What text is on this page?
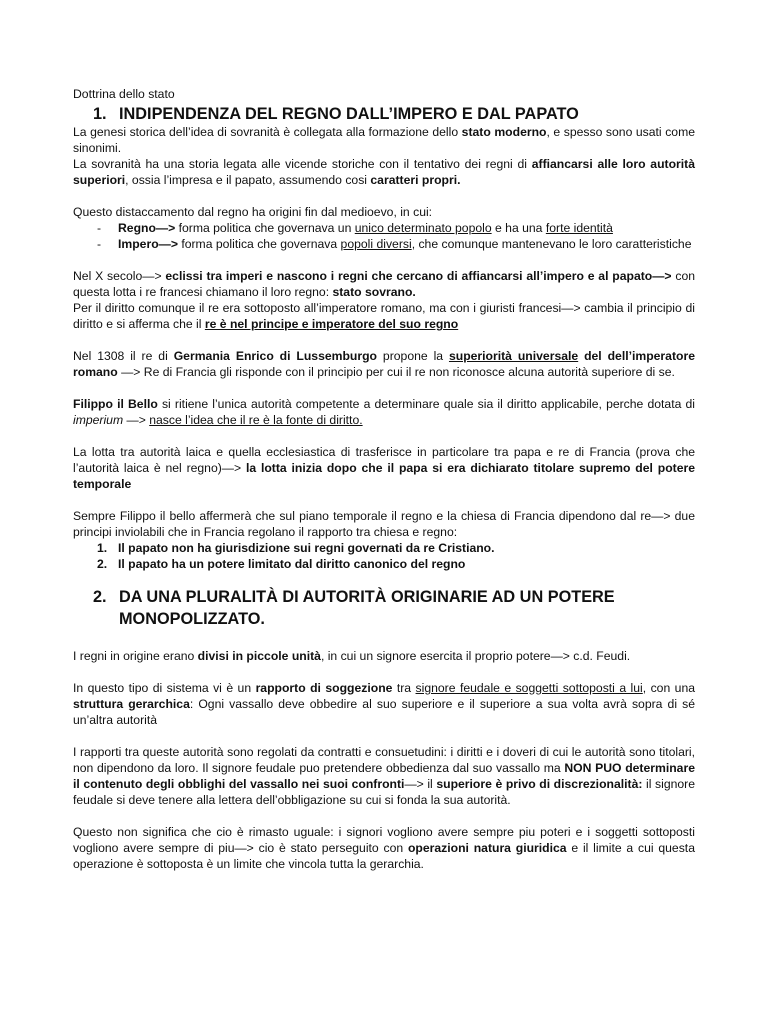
Dottrina dello stato
1. INDIPENDENZA DEL REGNO DALL’IMPERO E DAL PAPATO

La genesi storica dell’idea di sovranità è collegata alla formazione dello stato moderno, e spesso sono usati come sinonimi.

La sovranità ha una storia legata alle vicende storiche con il tentativo dei regni di affiancarsi alle loro autorità superiori, ossia l’impresa e il papato, assumendo cosi caratteri propri.

Questo distaccamento dal regno ha origini fin dal medioevo, in cui:

- Regno—> forma politica che governava un unico determinato popolo e ha una forte identità
- Impero—> forma politica che governava popoli diversi, che comunque mantenevano le loro caratteristiche

Nel X secolo—> eclissi tra imperi e nascono i regni che cercano di affiancarsi all’impero e al papato—> con questa lotta i re francesi chiamano il loro regno: stato sovrano.

Per il diritto comunque il re era sottoposto all’imperatore romano, ma con i giuristi francesi—> cambia il principio di diritto e si afferma che il re è nel principe e imperatore del suo regno

Nel 1308 il re di Germania Enrico di Lussemburgo propone la superiorità universale del dell’imperatore romano —> Re di Francia gli risponde con il principio per cui il re non riconosce alcuna autorità superiore di se.

Filippo il Bello si ritiene l’unica autorità competente a determinare quale sia il diritto applicabile, perche dotata di imperium —> nasce l’idea che il re è la fonte di diritto.

La lotta tra autorità laica e quella ecclesiastica di trasferisce in particolare tra papa e re di Francia (prova che l’autorità laica è nel regno)—> la lotta inizia dopo che il papa si era dichiarato titolare supremo del potere temporale

Sempre Filippo il bello affermerà che sul piano temporale il regno e la chiesa di Francia dipendono dal re—> due principi inviolabili che in Francia regolano il rapporto tra chiesa e regno:

1. Il papato non ha giurisdizione sui regni governati da re Cristiano.
2. Il papato ha un potere limitato dal diritto canonico del regno
2. DA UNA PLURALITÀ DI AUTORITÀ ORIGINARIE AD UN POTERE MONOPOLIZZATO.

I regni in origine erano divisi in piccole unità, in cui un signore esercita il proprio potere—> c.d. Feudi.

In questo tipo di sistema vi è un rapporto di soggezione tra signore feudale e soggetti sottoposti a lui, con una struttura gerarchica: Ogni vassallo deve obbedire al suo superiore e il superiore a sua volta avrà sopra di sé un’altra autorità

I rapporti tra queste autorità sono regolati da contratti e consuetudini: i diritti e i doveri di cui le autorità sono titolari, non dipendono da loro. Il signore feudale puo pretendere obbedienza dal suo vassallo ma NON PUO determinare il contenuto degli obblighi del vassallo nei suoi confronti—> il superiore è privo di discrezionalità: il signore feudale si deve tenere alla lettera dell’obbligazione su cui si fonda la sua autorità.

Questo non significa che cio è rimasto uguale: i signori vogliono avere sempre piu poteri e i soggetti sottoposti vogliono avere sempre di piu—> cio è stato perseguito con operazioni natura giuridica e il limite a cui questa operazione è sottoposta è un limite che vincola tutta la gerarchia.
